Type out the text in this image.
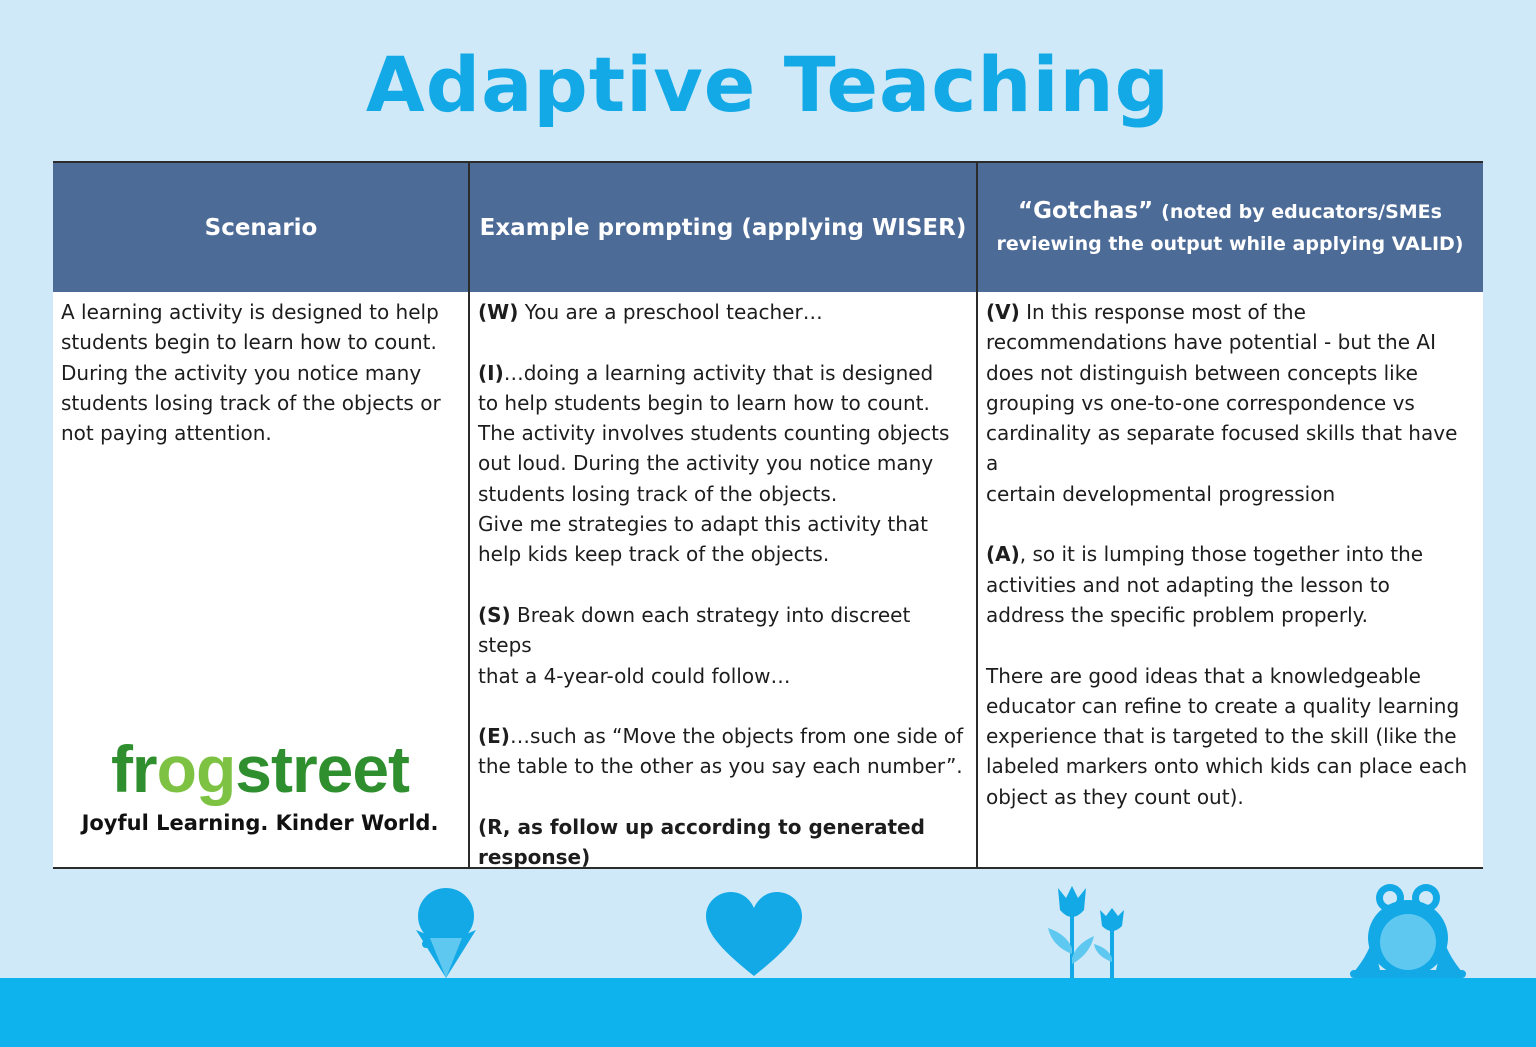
Adaptive Teaching
Scenario	Example prompting (applying WISER)
“Gotchas” (noted by educators/SMEs
reviewing the output while applying VALID)
A learning activity is designed to help
students begin to learn how to count.
During the activity you notice many
students losing track of the objects or
not paying attention.
frogstreet
Joyful Learning. Kinder World.
(W) You are a preschool teacher…
(I)…doing a learning activity that is designed
to help students begin to learn how to count.
The activity involves students counting objects
out loud. During the activity you notice many
students losing track of the objects.
Give me strategies to adapt this activity that
help kids keep track of the objects.
(S) Break down each strategy into discreet steps
that a 4-year-old could follow…
(E)…such as “Move the objects from one side of
the table to the other as you say each number”.
(R, as follow up according to generated
response)
(V) In this response most of the
recommendations have potential - but the AI
does not distinguish between concepts like
grouping vs one-to-one correspondence vs
cardinality as separate focused skills that have a
certain developmental progression
(A), so it is lumping those together into the
activities and not adapting the lesson to
address the specific problem properly.
There are good ideas that a knowledgeable
educator can refine to create a quality learning
experience that is targeted to the skill (like the
labeled markers onto which kids can place each
object as they count out).
